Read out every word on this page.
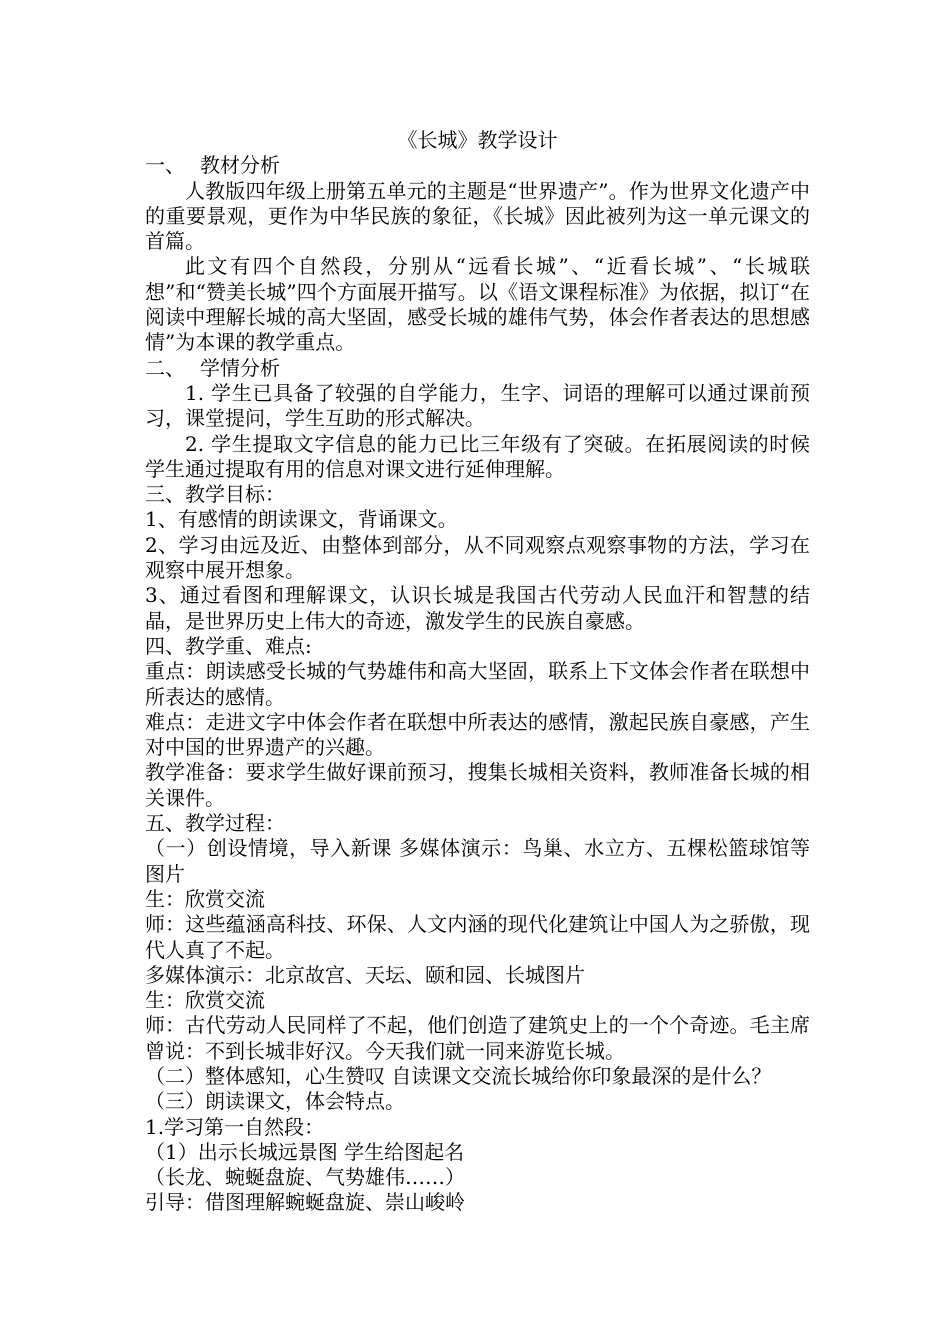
《长城》教学设计

一、 教材分析

人教版四年级上册第五单元的主题是“世界遗产”。作为世界文化遗产中的重要景观，更作为中华民族的象征，《长城》因此被列为这一单元课文的首篇。

此文有四个自然段，分别从“远看长城”、“近看长城”、“长城联想”和“赞美长城”四个方面展开描写。以《语文课程标准》为依据，拟订“在阅读中理解长城的高大坚固，感受长城的雄伟气势，体会作者表达的思想感情”为本课的教学重点。

二、 学情分析

1. 学生已具备了较强的自学能力，生字、词语的理解可以通过课前预习，课堂提问，学生互助的形式解决。

2. 学生提取文字信息的能力已比三年级有了突破。在拓展阅读的时候学生通过提取有用的信息对课文进行延伸理解。

三、教学目标：

1、有感情的朗读课文，背诵课文。

2、学习由远及近、由整体到部分，从不同观察点观察事物的方法，学习在观察中展开想象。

3、通过看图和理解课文，认识长城是我国古代劳动人民血汗和智慧的结晶，是世界历史上伟大的奇迹，激发学生的民族自豪感。

四、教学重、难点:

重点：朗读感受长城的气势雄伟和高大坚固，联系上下文体会作者在联想中所表达的感情。

难点：走进文字中体会作者在联想中所表达的感情，激起民族自豪感，产生对中国的世界遗产的兴趣。

教学准备：要求学生做好课前预习，搜集长城相关资料，教师准备长城的相关课件。

五、教学过程：

（一）创设情境，导入新课 多媒体演示：鸟巢、水立方、五棵松篮球馆等图片

生：欣赏交流

师：这些蕴涵高科技、环保、人文内涵的现代化建筑让中国人为之骄傲，现代人真了不起。

多媒体演示：北京故宫、天坛、颐和园、长城图片

生：欣赏交流

师：古代劳动人民同样了不起，他们创造了建筑史上的一个个奇迹。毛主席曾说：不到长城非好汉。今天我们就一同来游览长城。

（二）整体感知，心生赞叹 自读课文交流长城给你印象最深的是什么？

（三）朗读课文，体会特点。

1.学习第一自然段：

（1）出示长城远景图 学生给图起名

（长龙、蜿蜒盘旋、气势雄伟……）

引导：借图理解蜿蜒盘旋、崇山峻岭
